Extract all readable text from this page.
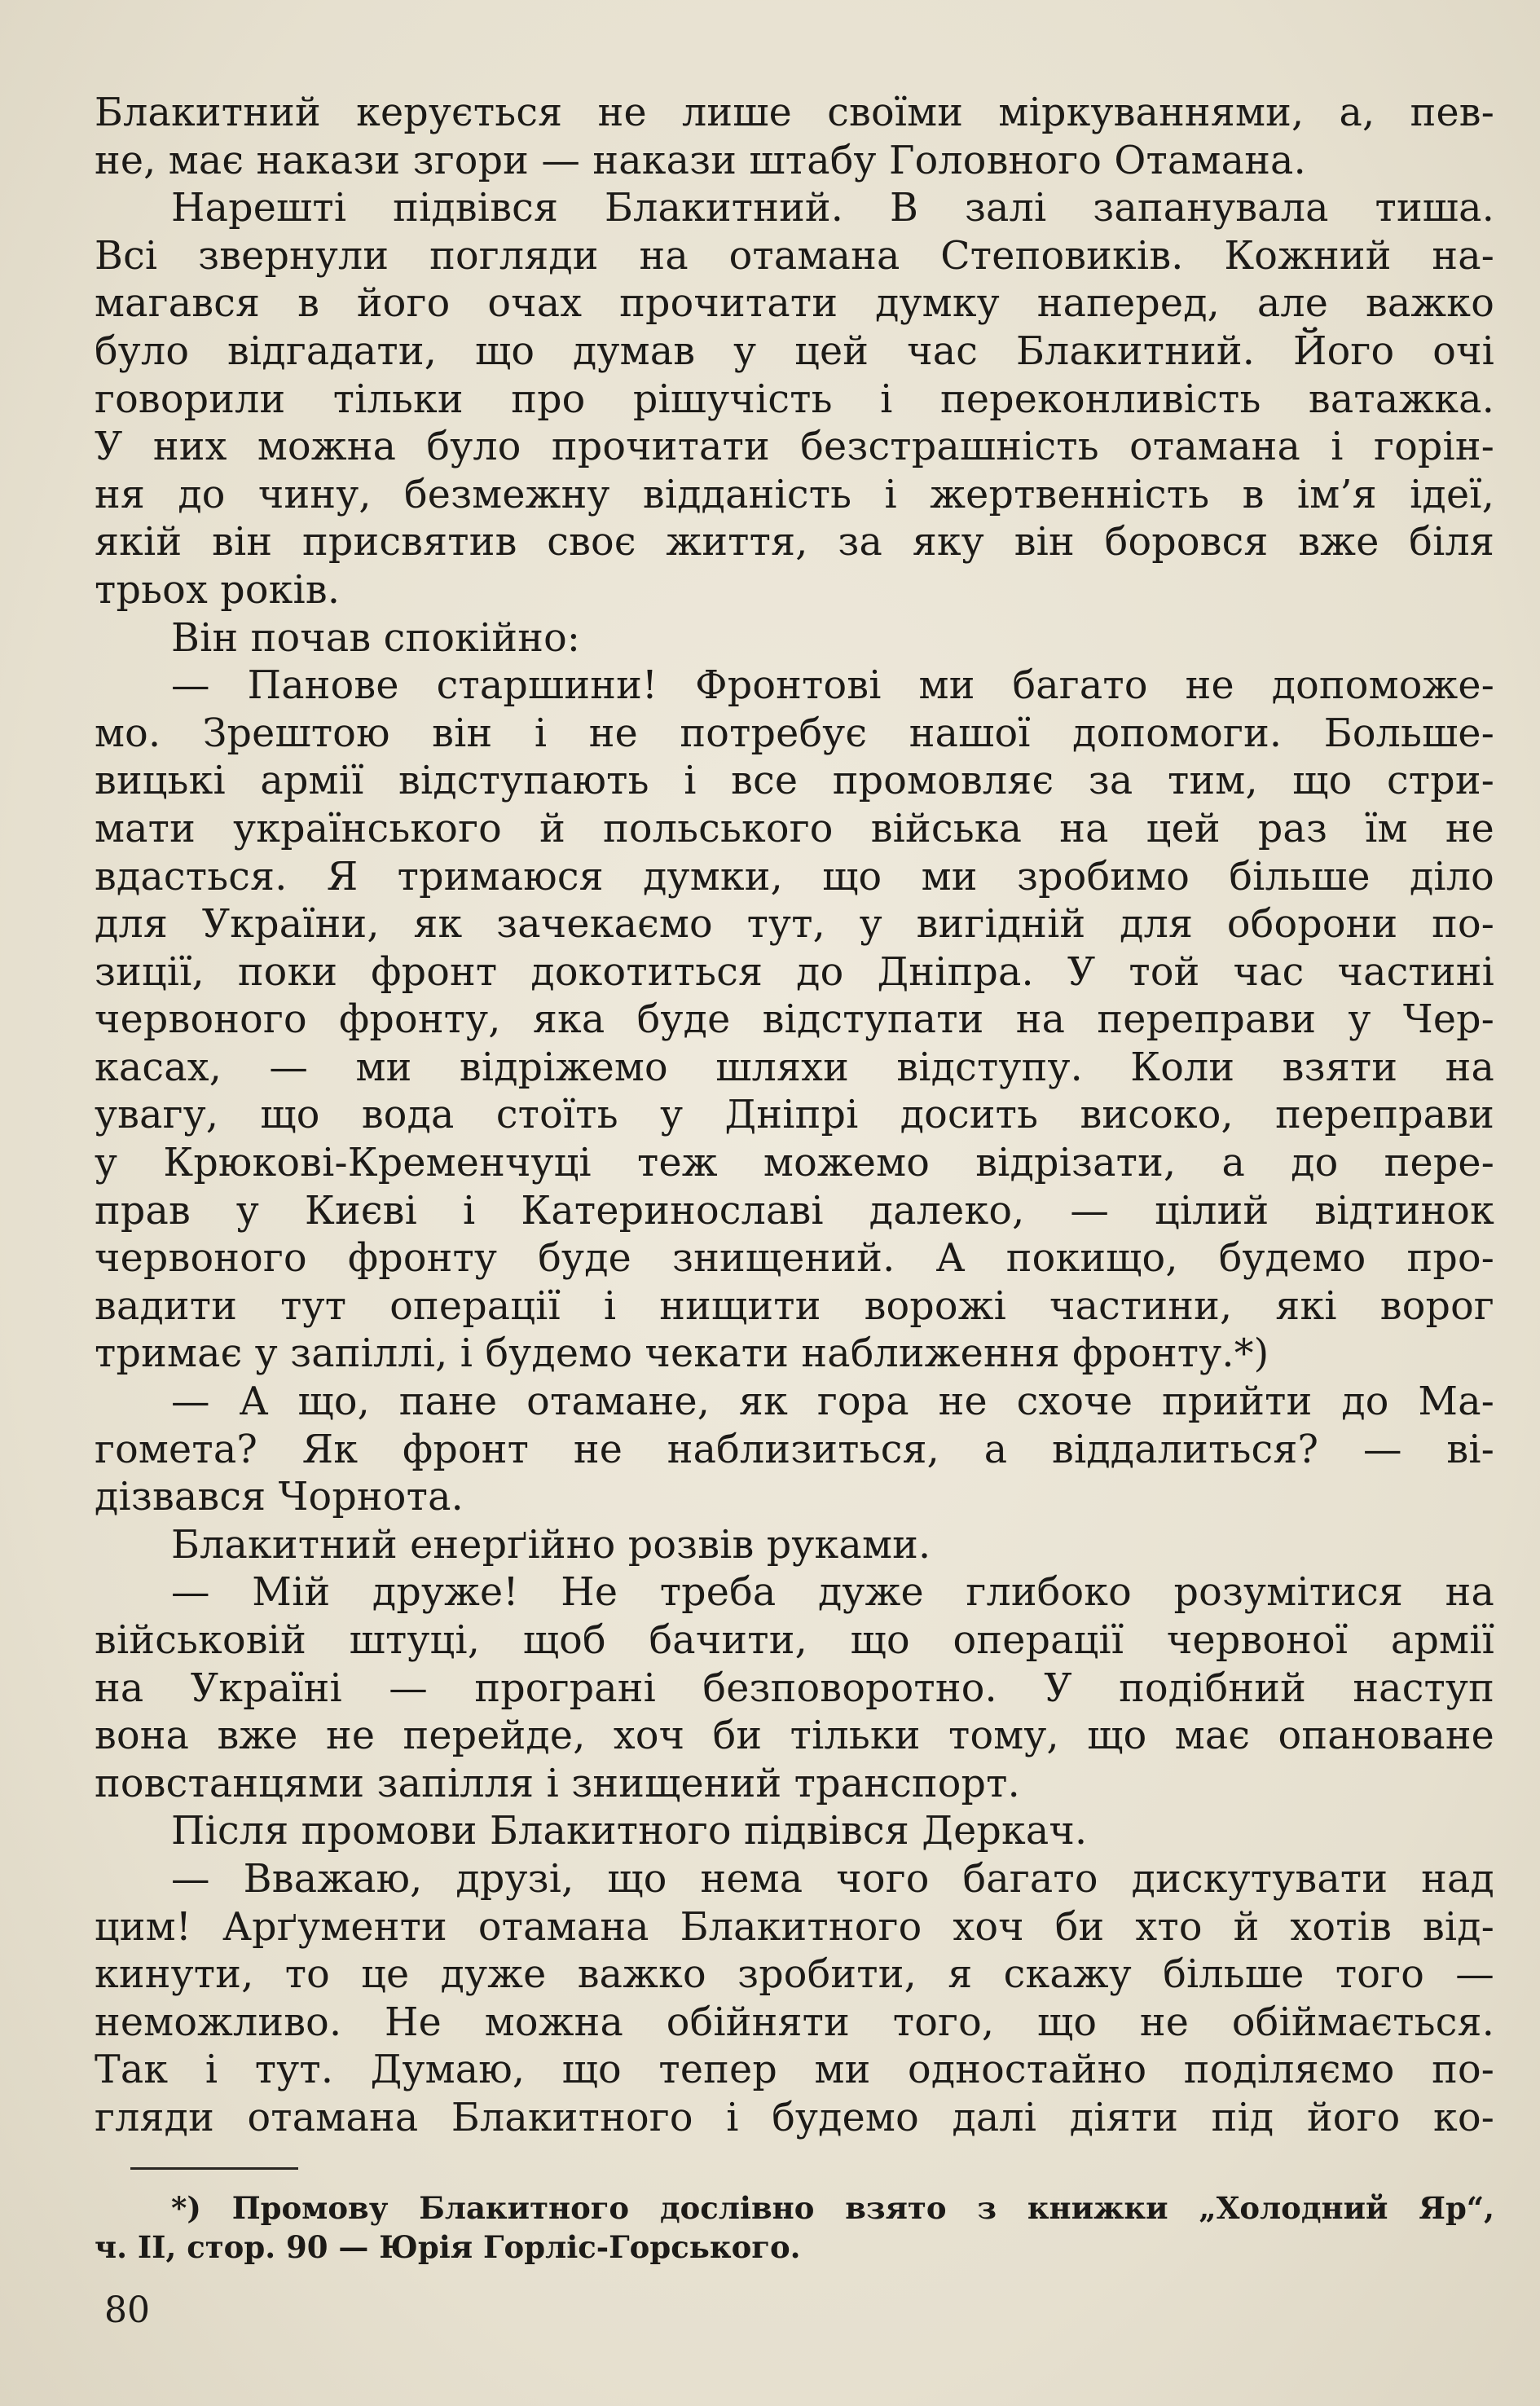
Блакитний керується не лише своїми міркуваннями, а, пев-
не, має накази згори — накази штабу Головного Отамана.
Нарешті підвівся Блакитний. В залі запанувала тиша.
Всі звернули погляди на отамана Степовиків. Кожний на-
магався в його очах прочитати думку наперед, але важко
було відгадати, що думав у цей час Блакитний. Його очі
говорили тільки про рішучість і переконливість ватажка.
У них можна було прочитати безстрашність отамана і горін-
ня до чину, безмежну відданість і жертвенність в ім’я ідеї,
якій він присвятив своє життя, за яку він боровся вже біля
трьох років.
Він почав спокійно:
— Панове старшини! Фронтові ми багато не допоможе-
мо. Зрештою він і не потребує нашої допомоги. Больше-
вицькі армії відступають і все промовляє за тим, що стри-
мати українського й польського війська на цей раз їм не
вдасться. Я тримаюся думки, що ми зробимо більше діло
для України, як зачекаємо тут, у вигідній для оборони по-
зиції, поки фронт докотиться до Дніпра. У той час частині
червоного фронту, яка буде відступати на переправи у Чер-
касах, — ми відріжемо шляхи відступу. Коли взяти на
увагу, що вода стоїть у Дніпрі досить високо, переправи
у Крюкові-Кременчуці теж можемо відрізати, а до пере-
прав у Києві і Катеринославі далеко, — цілий відтинок
червоного фронту буде знищений. А покищо, будемо про-
вадити тут операції і нищити ворожі частини, які ворог
тримає у запіллі, і будемо чекати наближення фронту.*)
— А що, пане отамане, як гора не схоче прийти до Ма-
гомета? Як фронт не наблизиться, а віддалиться? — ві-
дізвався Чорнота.
Блакитний енерґійно розвів руками.
— Мій друже! Не треба дуже глибоко розумітися на
військовій штуці, щоб бачити, що операції червоної армії
на Україні — програні безповоротно. У подібний наступ
вона вже не перейде, хоч би тільки тому, що має опановане
повстанцями запілля і знищений транспорт.
Після промови Блакитного підвівся Деркач.
— Вважаю, друзі, що нема чого багато дискутувати над
цим! Арґументи отамана Блакитного хоч би хто й хотів від-
кинути, то це дуже важко зробити, я скажу більше того —
неможливо. Не можна обійняти того, що не обіймається.
Так і тут. Думаю, що тепер ми одностайно поділяємо по-
гляди отамана Блакитного і будемо далі діяти під його ко-
*) Промову Блакитного дослівно взято з книжки „Холодний Яр“,
ч. II, стор. 90 — Юрія Горліс-Горського.
80
